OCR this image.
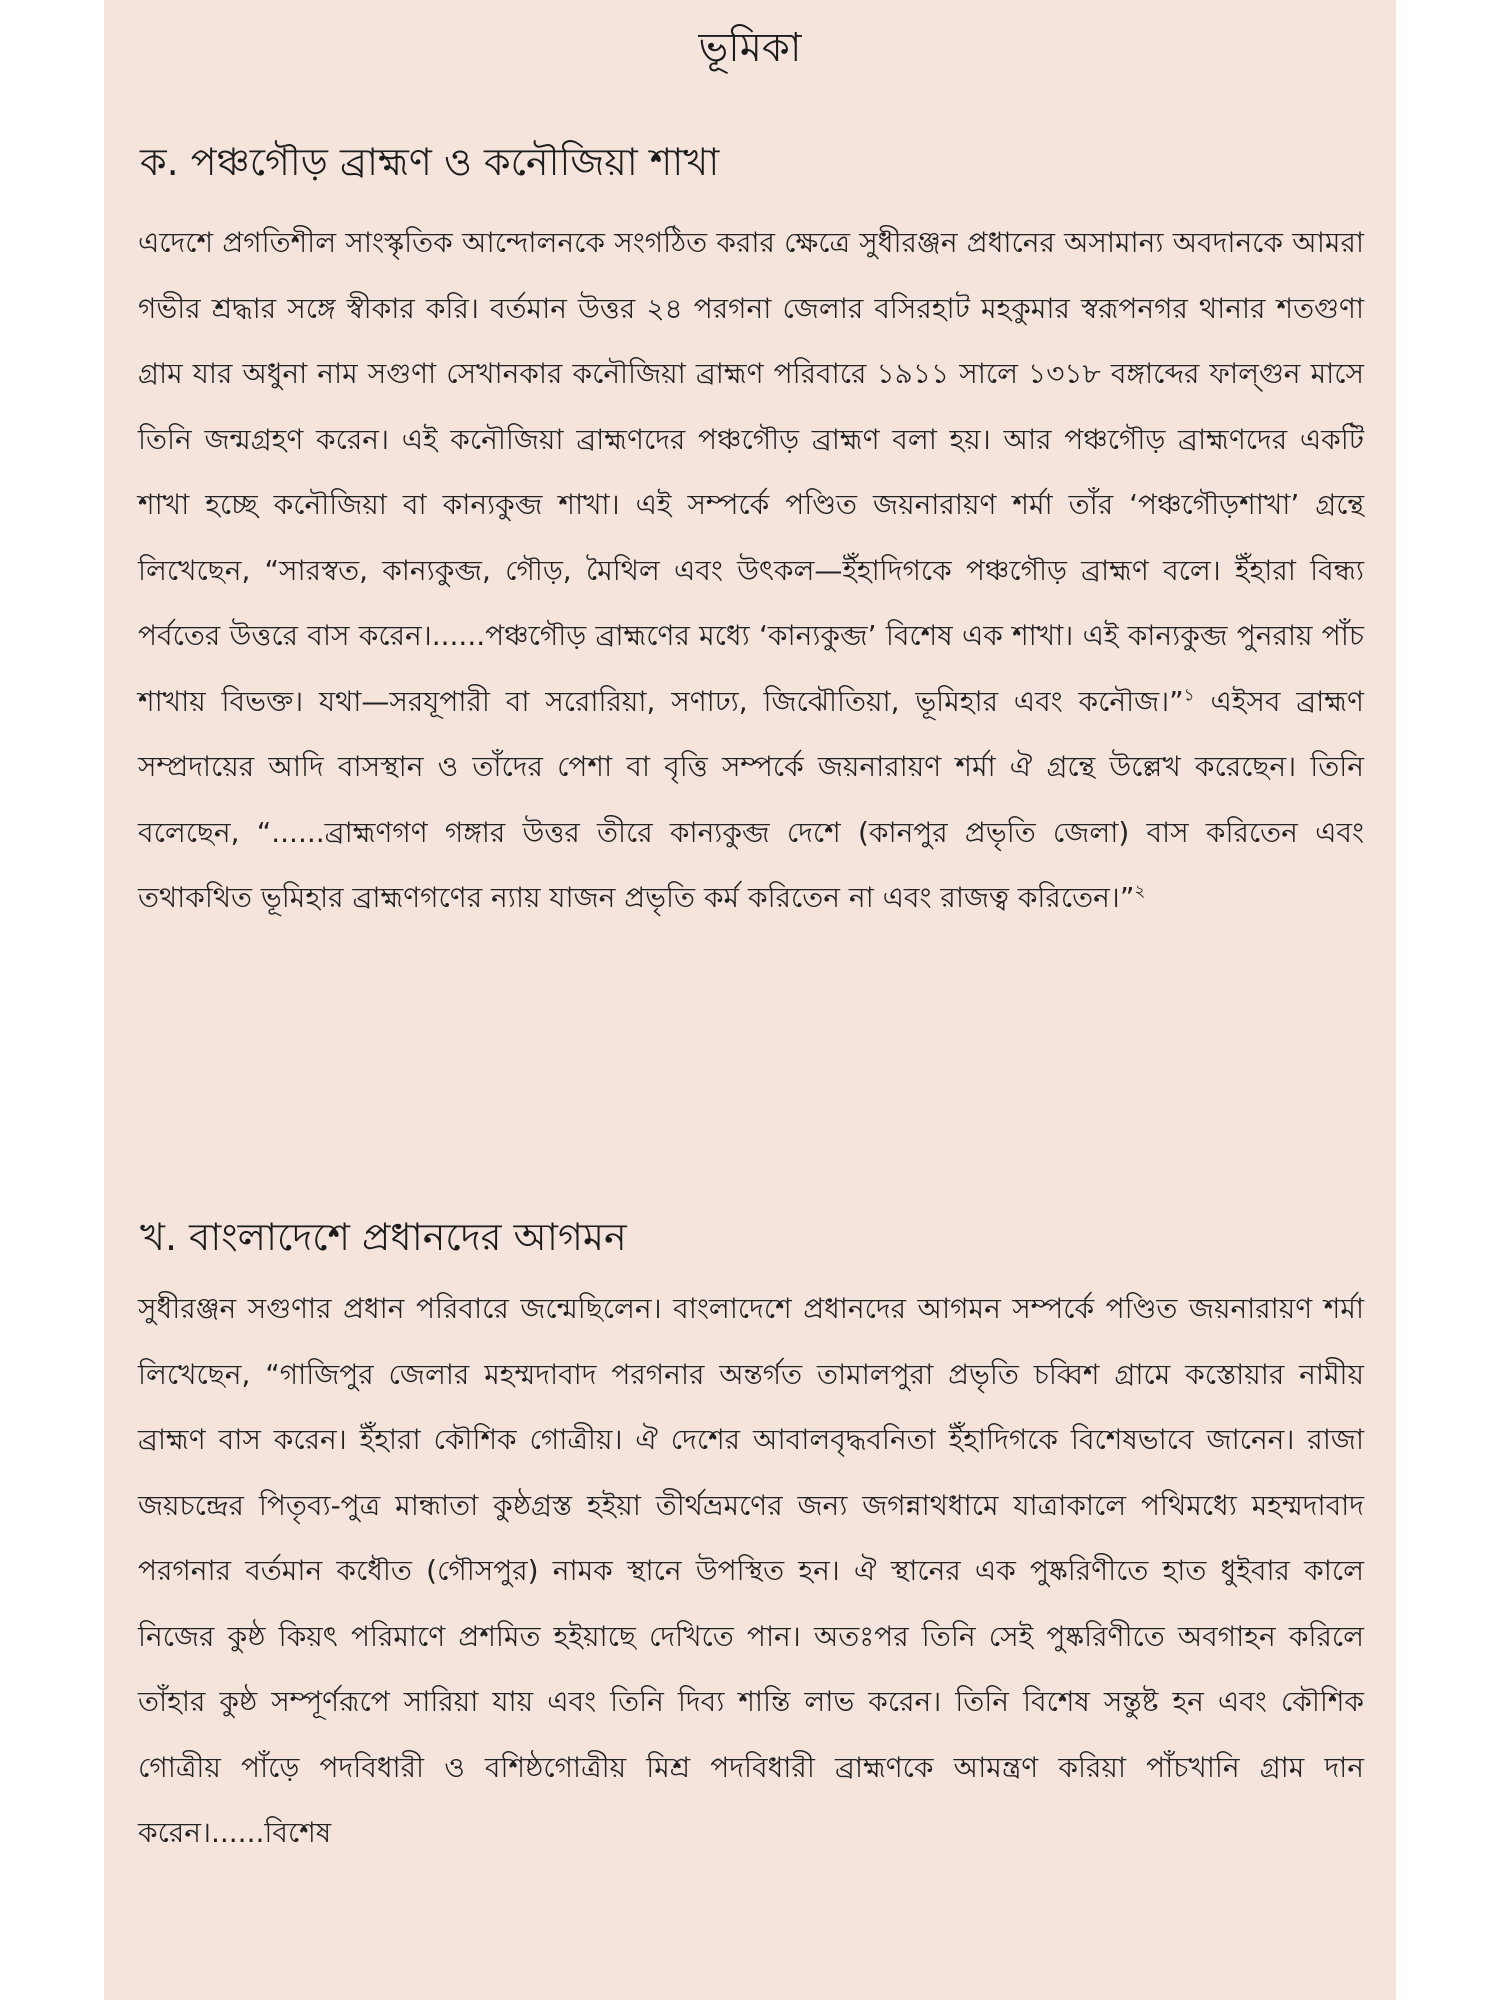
ভূমিকা
ক. পঞ্চগৌড় ব্রাহ্মণ ও কনৌজিয়া শাখা

এদেশে প্রগতিশীল সাংস্কৃতিক আন্দোলনকে সংগঠিত করার ক্ষেত্রে সুধীরঞ্জন প্রধানের অসামান্য অবদানকে আমরা গভীর শ্রদ্ধার সঙ্গে স্বীকার করি। বর্তমান উত্তর ২৪ পরগনা জেলার বসিরহাট মহকুমার স্বরূপনগর থানার শতগুণা গ্রাম যার অধুনা নাম সগুণা সেখানকার কনৌজিয়া ব্রাহ্মণ পরিবারে ১৯১১ সালে ১৩১৮ বঙ্গাব্দের ফাল্গুন মাসে তিনি জন্মগ্রহণ করেন। এই কনৌজিয়া ব্রাহ্মণদের পঞ্চগৌড় ব্রাহ্মণ বলা হয়। আর পঞ্চগৌড় ব্রাহ্মণদের একটি শাখা হচ্ছে কনৌজিয়া বা কান্যকুব্জ শাখা। এই সম্পর্কে পণ্ডিত জয়নারায়ণ শর্মা তাঁর ‘পঞ্চগৌড়শাখা’ গ্রন্থে লিখেছেন, “সারস্বত, কান্যকুব্জ, গৌড়, মৈথিল এবং উৎকল—ইঁহাদিগকে পঞ্চগৌড় ব্রাহ্মণ বলে। ইঁহারা বিন্ধ্য পর্বতের উত্তরে বাস করেন।......পঞ্চগৌড় ব্রাহ্মণের মধ্যে ‘কান্যকুব্জ’ বিশেষ এক শাখা। এই কান্যকুব্জ পুনরায় পাঁচ শাখায় বিভক্ত। যথা—সরযূপারী বা সরোরিয়া, সণাঢ্য, জিঝৌতিয়া, ভূমিহার এবং কনৌজ।”$^১$ এইসব ব্রাহ্মণ সম্প্রদায়ের আদি বাসস্থান ও তাঁদের পেশা বা বৃত্তি সম্পর্কে জয়নারায়ণ শর্মা ঐ গ্রন্থে উল্লেখ করেছেন। তিনি বলেছেন, “......ব্রাহ্মণগণ গঙ্গার উত্তর তীরে কান্যকুব্জ দেশে (কানপুর প্রভৃতি জেলা) বাস করিতেন এবং তথাকথিত ভূমিহার ব্রাহ্মণগণের ন্যায় যাজন প্রভৃতি কর্ম করিতেন না এবং রাজত্ব করিতেন।”$^২$

খ. বাংলাদেশে প্রধানদের আগমন

সুধীরঞ্জন সগুণার প্রধান পরিবারে জন্মেছিলেন। বাংলাদেশে প্রধানদের আগমন সম্পর্কে পণ্ডিত জয়নারায়ণ শর্মা লিখেছেন, “গাজিপুর জেলার মহম্মদাবাদ পরগনার অন্তর্গত তামালপুরা প্রভৃতি চব্বিশ গ্রামে কস্তোয়ার নামীয় ব্রাহ্মণ বাস করেন। ইঁহারা কৌশিক গোত্রীয়। ঐ দেশের আবালবৃদ্ধবনিতা ইঁহাদিগকে বিশেষভাবে জানেন। রাজা জয়চন্দ্রের পিতৃব্য-পুত্র মান্ধাতা কুষ্ঠগ্রস্ত হইয়া তীর্থভ্রমণের জন্য জগন্নাথধামে যাত্রাকালে পথিমধ্যে মহম্মদাবাদ পরগনার বর্তমান কধৌত (গৌসপুর) নামক স্থানে উপস্থিত হন। ঐ স্থানের এক পুষ্করিণীতে হাত ধুইবার কালে নিজের কুষ্ঠ কিয়ৎ পরিমাণে প্রশমিত হইয়াছে দেখিতে পান। অতঃপর তিনি সেই পুষ্করিণীতে অবগাহন করিলে তাঁহার কুষ্ঠ সম্পূর্ণরূপে সারিয়া যায় এবং তিনি দিব্য শান্তি লাভ করেন। তিনি বিশেষ সন্তুষ্ট হন এবং কৌশিক গোত্রীয় পাঁড়ে পদবিধারী ও বশিষ্ঠগোত্রীয় মিশ্র পদবিধারী ব্রাহ্মণকে আমন্ত্রণ করিয়া পাঁচখানি গ্রাম দান করেন।......বিশেষ
